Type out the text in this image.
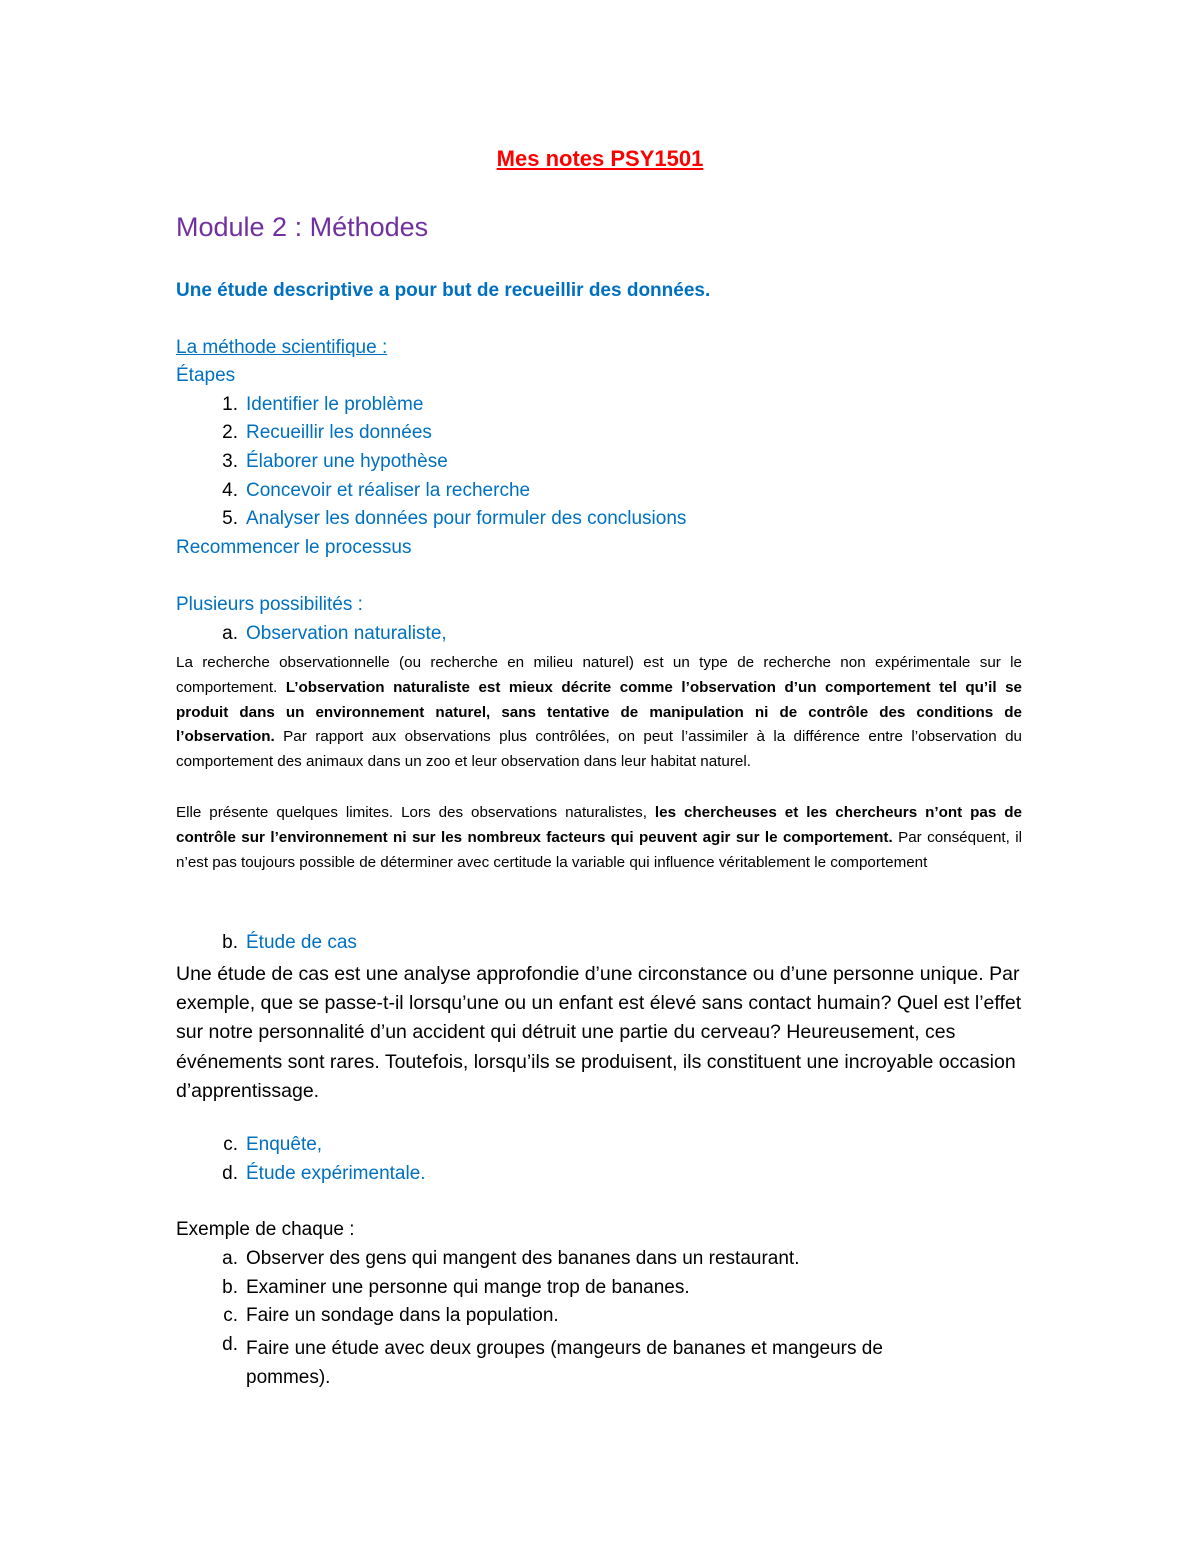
Mes notes PSY1501
Module 2 : Méthodes
Une étude descriptive a pour but de recueillir des données.
La méthode scientifique :
Étapes
1. Identifier le problème
2. Recueillir les données
3. Élaborer une hypothèse
4. Concevoir et réaliser la recherche
5. Analyser les données pour formuler des conclusions
Recommencer le processus
Plusieurs possibilités :
a. Observation naturaliste,
La recherche observationnelle (ou recherche en milieu naturel) est un type de recherche non expérimentale sur le comportement. L’observation naturaliste est mieux décrite comme l’observation d’un comportement tel qu’il se produit dans un environnement naturel, sans tentative de manipulation ni de contrôle des conditions de l’observation. Par rapport aux observations plus contrôlées, on peut l’assimiler à la différence entre l’observation du comportement des animaux dans un zoo et leur observation dans leur habitat naturel.
Elle présente quelques limites. Lors des observations naturalistes, les chercheuses et les chercheurs n’ont pas de contrôle sur l’environnement ni sur les nombreux facteurs qui peuvent agir sur le comportement. Par conséquent, il n’est pas toujours possible de déterminer avec certitude la variable qui influence véritablement le comportement
b. Étude de cas
Une étude de cas est une analyse approfondie d’une circonstance ou d’une personne unique. Par exemple, que se passe-t-il lorsqu’une ou un enfant est élevé sans contact humain? Quel est l’effet sur notre personnalité d’un accident qui détruit une partie du cerveau? Heureusement, ces événements sont rares. Toutefois, lorsqu’ils se produisent, ils constituent une incroyable occasion d’apprentissage.
c. Enquête,
d. Étude expérimentale.
Exemple de chaque :
a. Observer des gens qui mangent des bananes dans un restaurant.
b. Examiner une personne qui mange trop de bananes.
c. Faire un sondage dans la population.
d. Faire une étude avec deux groupes (mangeurs de bananes et mangeurs de pommes).
